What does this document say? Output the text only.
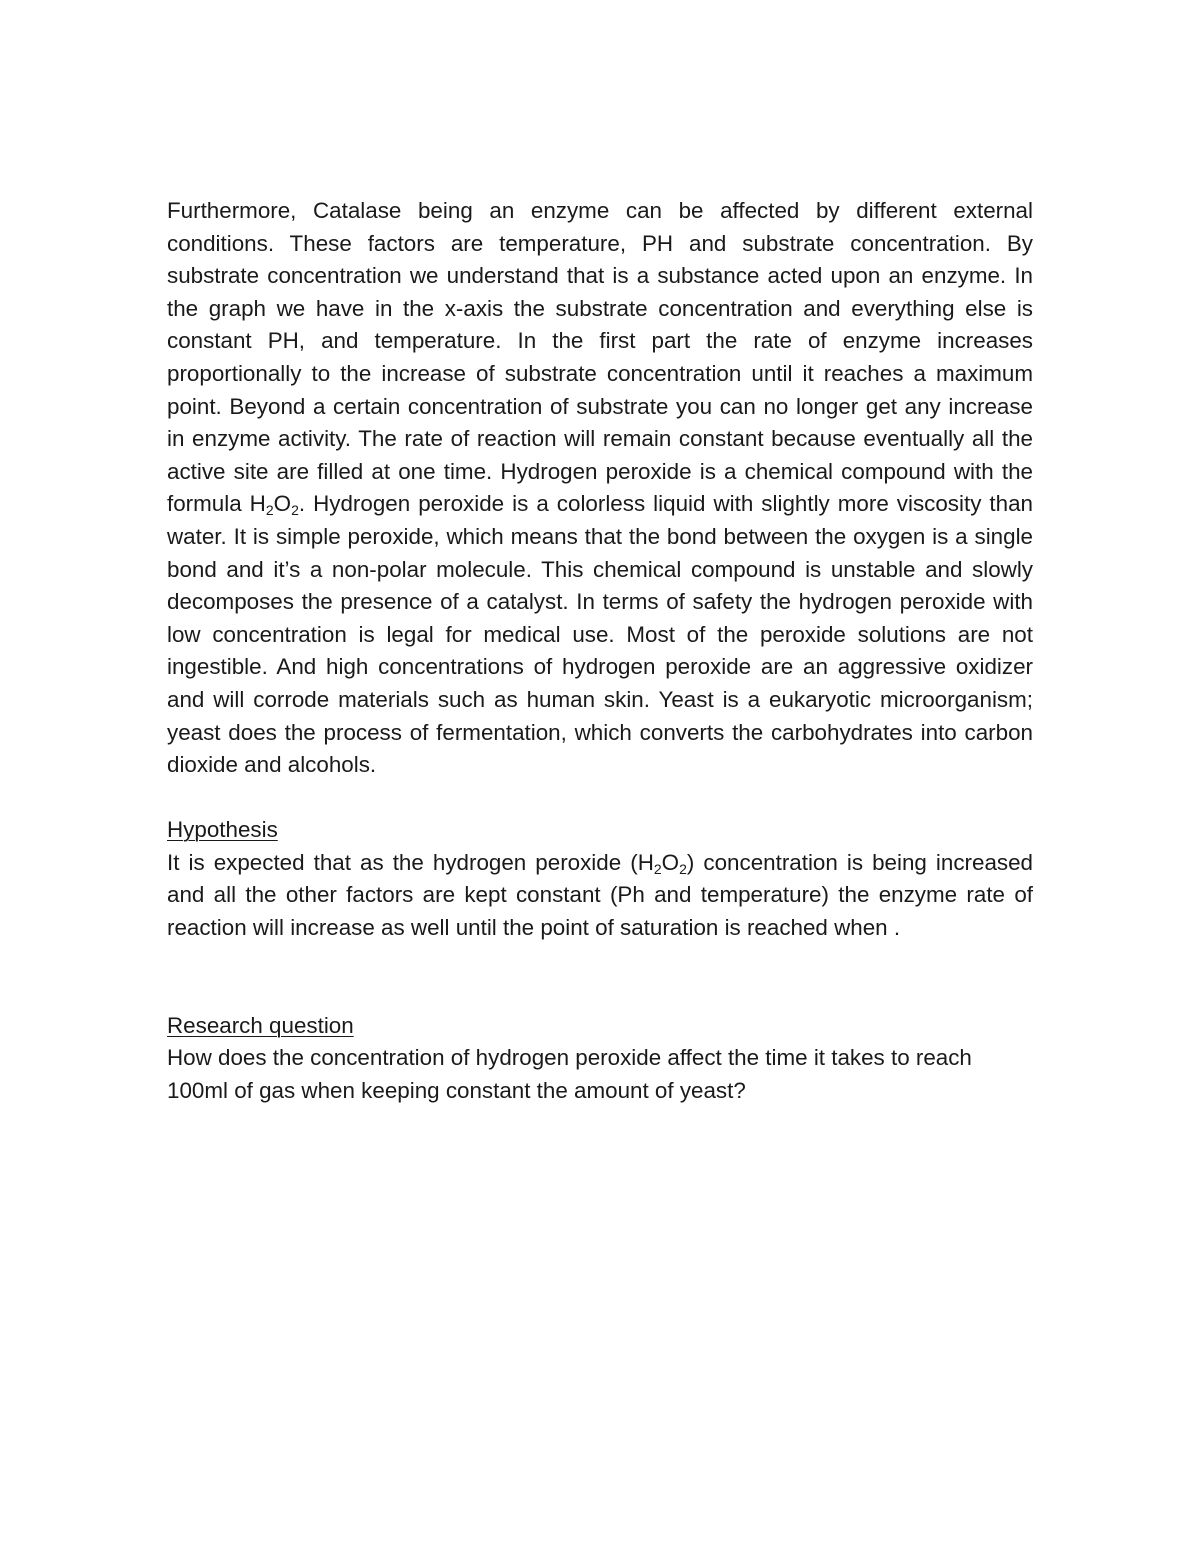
Furthermore, Catalase being an enzyme can be affected by different external conditions. These factors are temperature, PH and substrate concentration. By substrate concentration we understand that is a substance acted upon an enzyme. In the graph we have in the x-axis the substrate concentration and everything else is constant PH, and temperature. In the first part the rate of enzyme increases proportionally to the increase of substrate concentration until it reaches a maximum point. Beyond a certain concentration of substrate you can no longer get any increase in enzyme activity. The rate of reaction will remain constant because eventually all the active site are filled at one time. Hydrogen peroxide is a chemical compound with the formula $H_2O_2$. Hydrogen peroxide is a colorless liquid with slightly more viscosity than water. It is simple peroxide, which means that the bond between the oxygen is a single bond and it’s a non-polar molecule. This chemical compound is unstable and slowly decomposes the presence of a catalyst. In terms of safety the hydrogen peroxide with low concentration is legal for medical use. Most of the peroxide solutions are not ingestible. And high concentrations of hydrogen peroxide are an aggressive oxidizer and will corrode materials such as human skin. Yeast is a eukaryotic microorganism; yeast does the process of fermentation, which converts the carbohydrates into carbon dioxide and alcohols.

Hypothesis

It is expected that as the hydrogen peroxide $(H_2O_2)$ concentration is being increased and all the other factors are kept constant (Ph and temperature) the enzyme rate of reaction will increase as well until the point of saturation is reached when .

Research question

How does the concentration of hydrogen peroxide affect the time it takes to reach 100ml of gas when keeping constant the amount of yeast?
